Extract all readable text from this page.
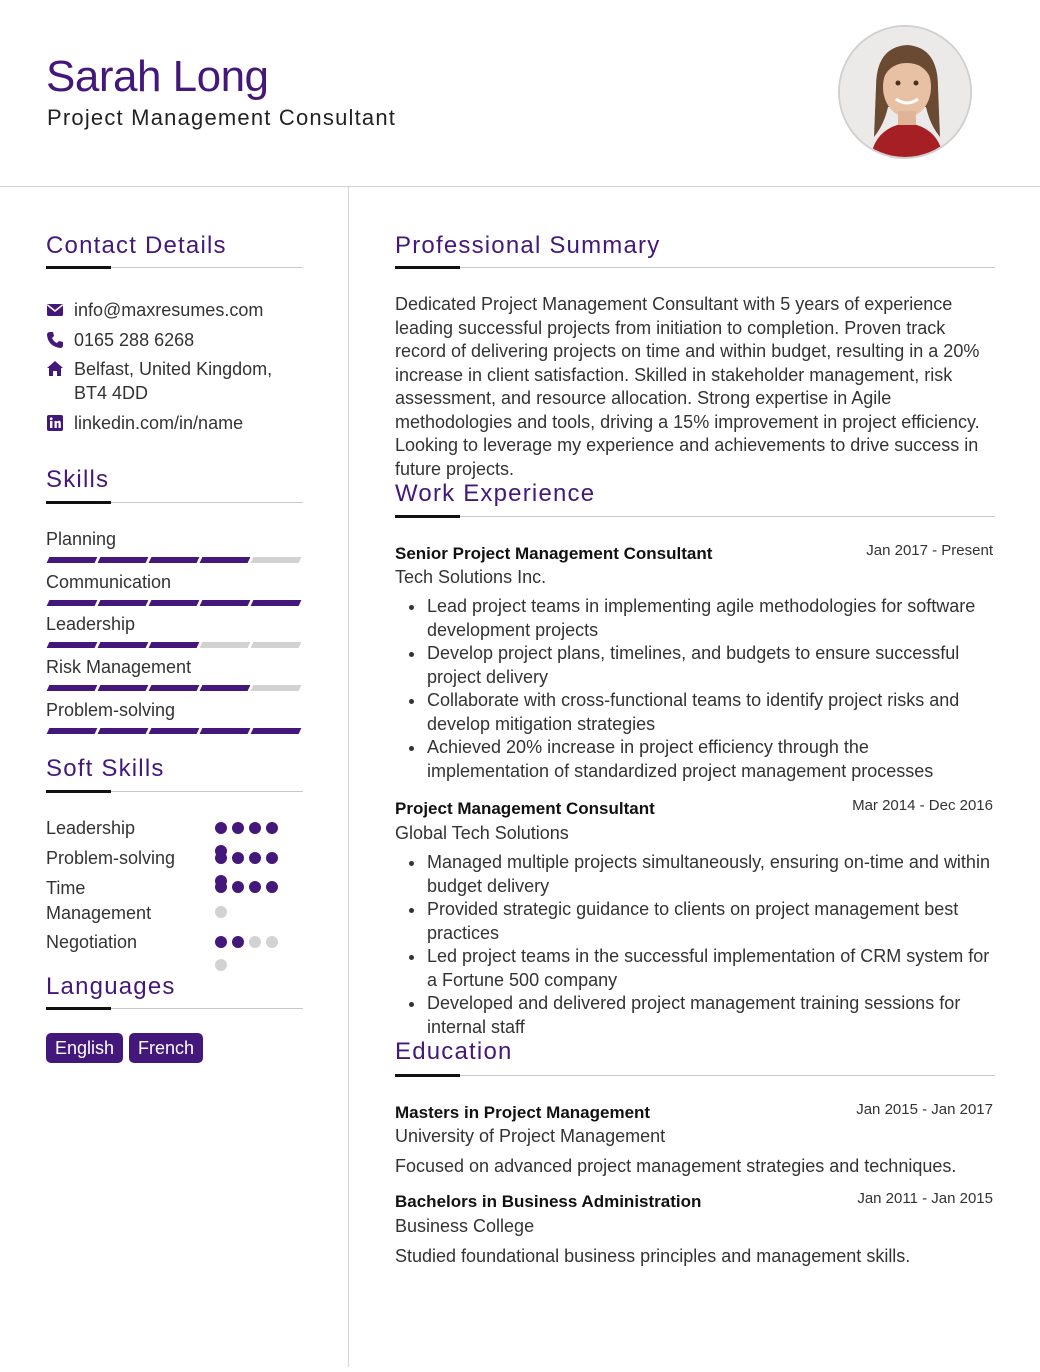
Sarah Long
Project Management Consultant
Contact Details
info@maxresumes.com
0165 288 6268
Belfast, United Kingdom,
BT4 4DD
linkedin.com/in/name
Skills
Planning
Communication
Leadership
Risk Management
Problem-solving
Soft Skills
Leadership
Problem-solving
Time
Management
Negotiation
Languages
English	French
Professional Summary

Dedicated Project Management Consultant with 5 years of experience leading successful projects from initiation to completion. Proven track record of delivering projects on time and within budget, resulting in a 20% increase in client satisfaction. Skilled in stakeholder management, risk assessment, and resource allocation. Strong expertise in Agile methodologies and tools, driving a 15% improvement in project efficiency. Looking to leverage my experience and achievements to drive success in future projects.

Work Experience
Senior Project Management Consultant	Jan 2017 - Present
Tech Solutions Inc.
Lead project teams in implementing agile methodologies for software development projects
Develop project plans, timelines, and budgets to ensure successful project delivery
Collaborate with cross-functional teams to identify project risks and develop mitigation strategies
Achieved 20% increase in project efficiency through the implementation of standardized project management processes
Project Management Consultant	Mar 2014 - Dec 2016
Global Tech Solutions
Managed multiple projects simultaneously, ensuring on-time and within budget delivery
Provided strategic guidance to clients on project management best practices
Led project teams in the successful implementation of CRM system for a Fortune 500 company
Developed and delivered project management training sessions for internal staff
Education
Masters in Project Management	Jan 2015 - Jan 2017
University of Project Management
Focused on advanced project management strategies and techniques.
Bachelors in Business Administration	Jan 2011 - Jan 2015
Business College
Studied foundational business principles and management skills.
